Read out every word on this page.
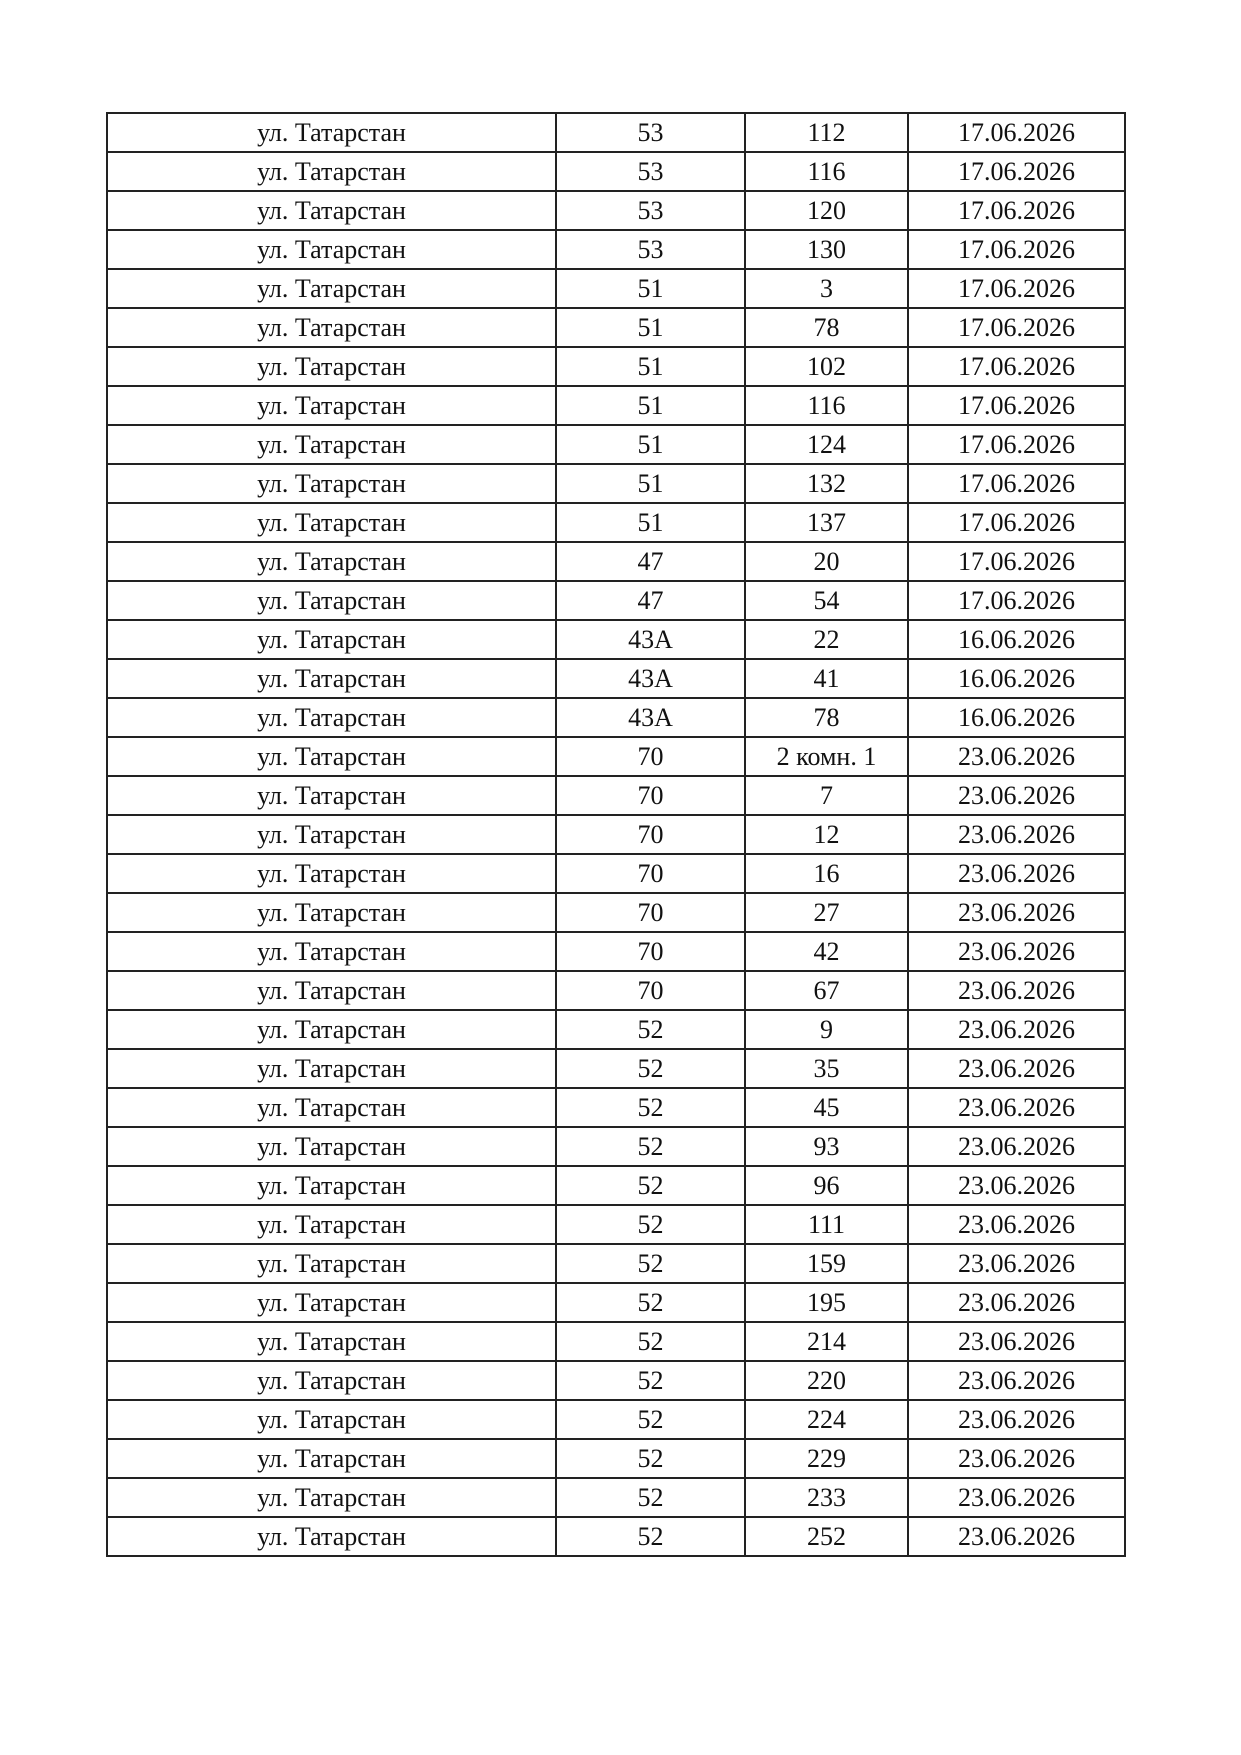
ул. Татарстан	53	112	17.06.2026
ул. Татарстан	53	116	17.06.2026
ул. Татарстан	53	120	17.06.2026
ул. Татарстан	53	130	17.06.2026
ул. Татарстан	51	3	17.06.2026
ул. Татарстан	51	78	17.06.2026
ул. Татарстан	51	102	17.06.2026
ул. Татарстан	51	116	17.06.2026
ул. Татарстан	51	124	17.06.2026
ул. Татарстан	51	132	17.06.2026
ул. Татарстан	51	137	17.06.2026
ул. Татарстан	47	20	17.06.2026
ул. Татарстан	47	54	17.06.2026
ул. Татарстан	43А	22	16.06.2026
ул. Татарстан	43А	41	16.06.2026
ул. Татарстан	43А	78	16.06.2026
ул. Татарстан	70	2 комн. 1	23.06.2026
ул. Татарстан	70	7	23.06.2026
ул. Татарстан	70	12	23.06.2026
ул. Татарстан	70	16	23.06.2026
ул. Татарстан	70	27	23.06.2026
ул. Татарстан	70	42	23.06.2026
ул. Татарстан	70	67	23.06.2026
ул. Татарстан	52	9	23.06.2026
ул. Татарстан	52	35	23.06.2026
ул. Татарстан	52	45	23.06.2026
ул. Татарстан	52	93	23.06.2026
ул. Татарстан	52	96	23.06.2026
ул. Татарстан	52	111	23.06.2026
ул. Татарстан	52	159	23.06.2026
ул. Татарстан	52	195	23.06.2026
ул. Татарстан	52	214	23.06.2026
ул. Татарстан	52	220	23.06.2026
ул. Татарстан	52	224	23.06.2026
ул. Татарстан	52	229	23.06.2026
ул. Татарстан	52	233	23.06.2026
ул. Татарстан	52	252	23.06.2026
